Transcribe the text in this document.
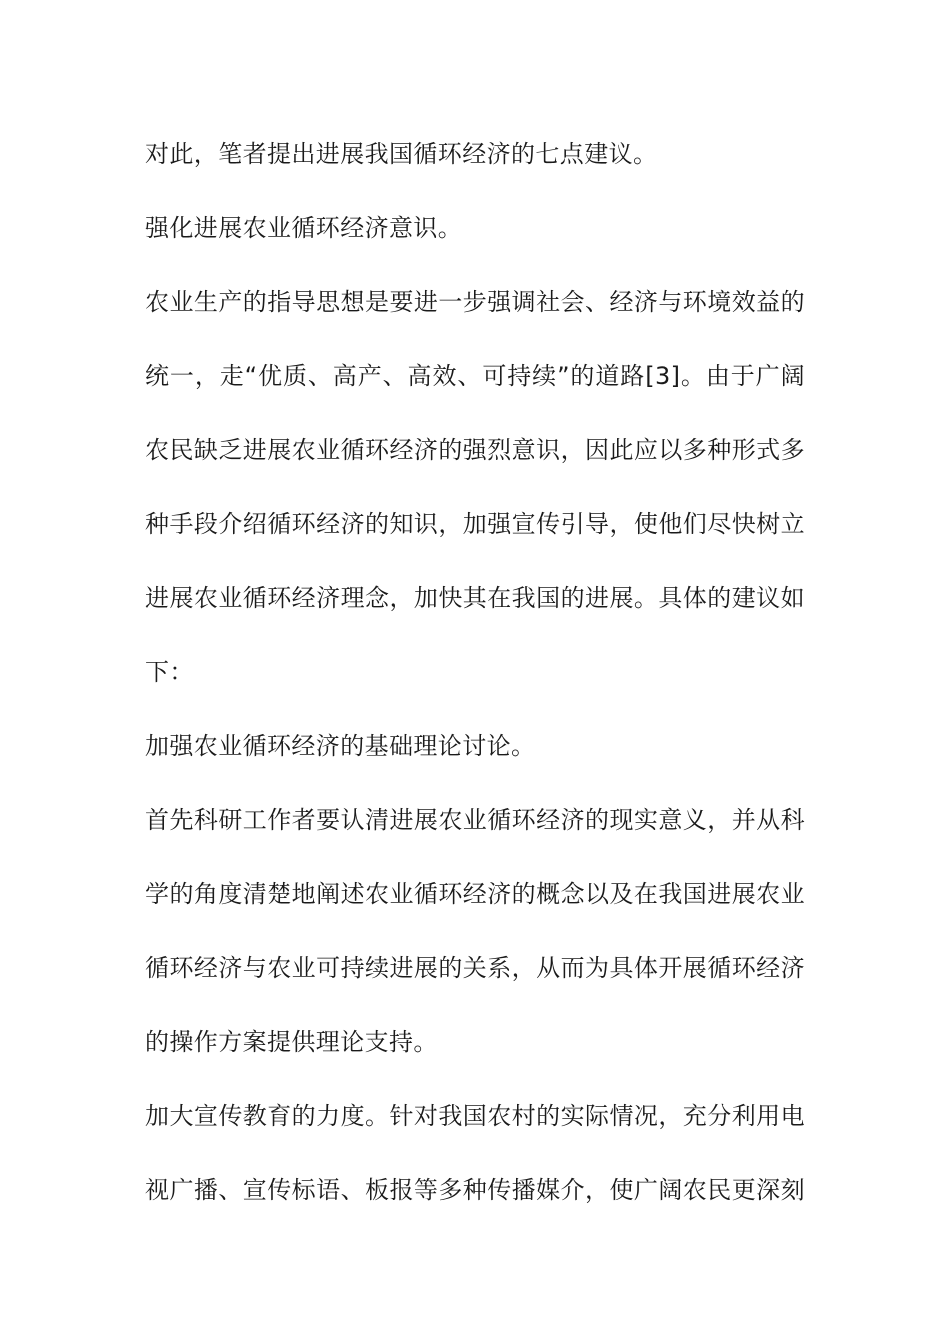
对此，笔者提出进展我国循环经济的七点建议。
强化进展农业循环经济意识。
农业生产的指导思想是要进一步强调社会、经济与环境效益的
统一，走“优质、高产、高效、可持续”的道路[3]。由于广阔
农民缺乏进展农业循环经济的强烈意识，因此应以多种形式多
种手段介绍循环经济的知识，加强宣传引导，使他们尽快树立
进展农业循环经济理念，加快其在我国的进展。具体的建议如
下：
加强农业循环经济的基础理论讨论。
首先科研工作者要认清进展农业循环经济的现实意义，并从科
学的角度清楚地阐述农业循环经济的概念以及在我国进展农业
循环经济与农业可持续进展的关系，从而为具体开展循环经济
的操作方案提供理论支持。
加大宣传教育的力度。针对我国农村的实际情况，充分利用电
视广播、宣传标语、板报等多种传播媒介，使广阔农民更深刻
